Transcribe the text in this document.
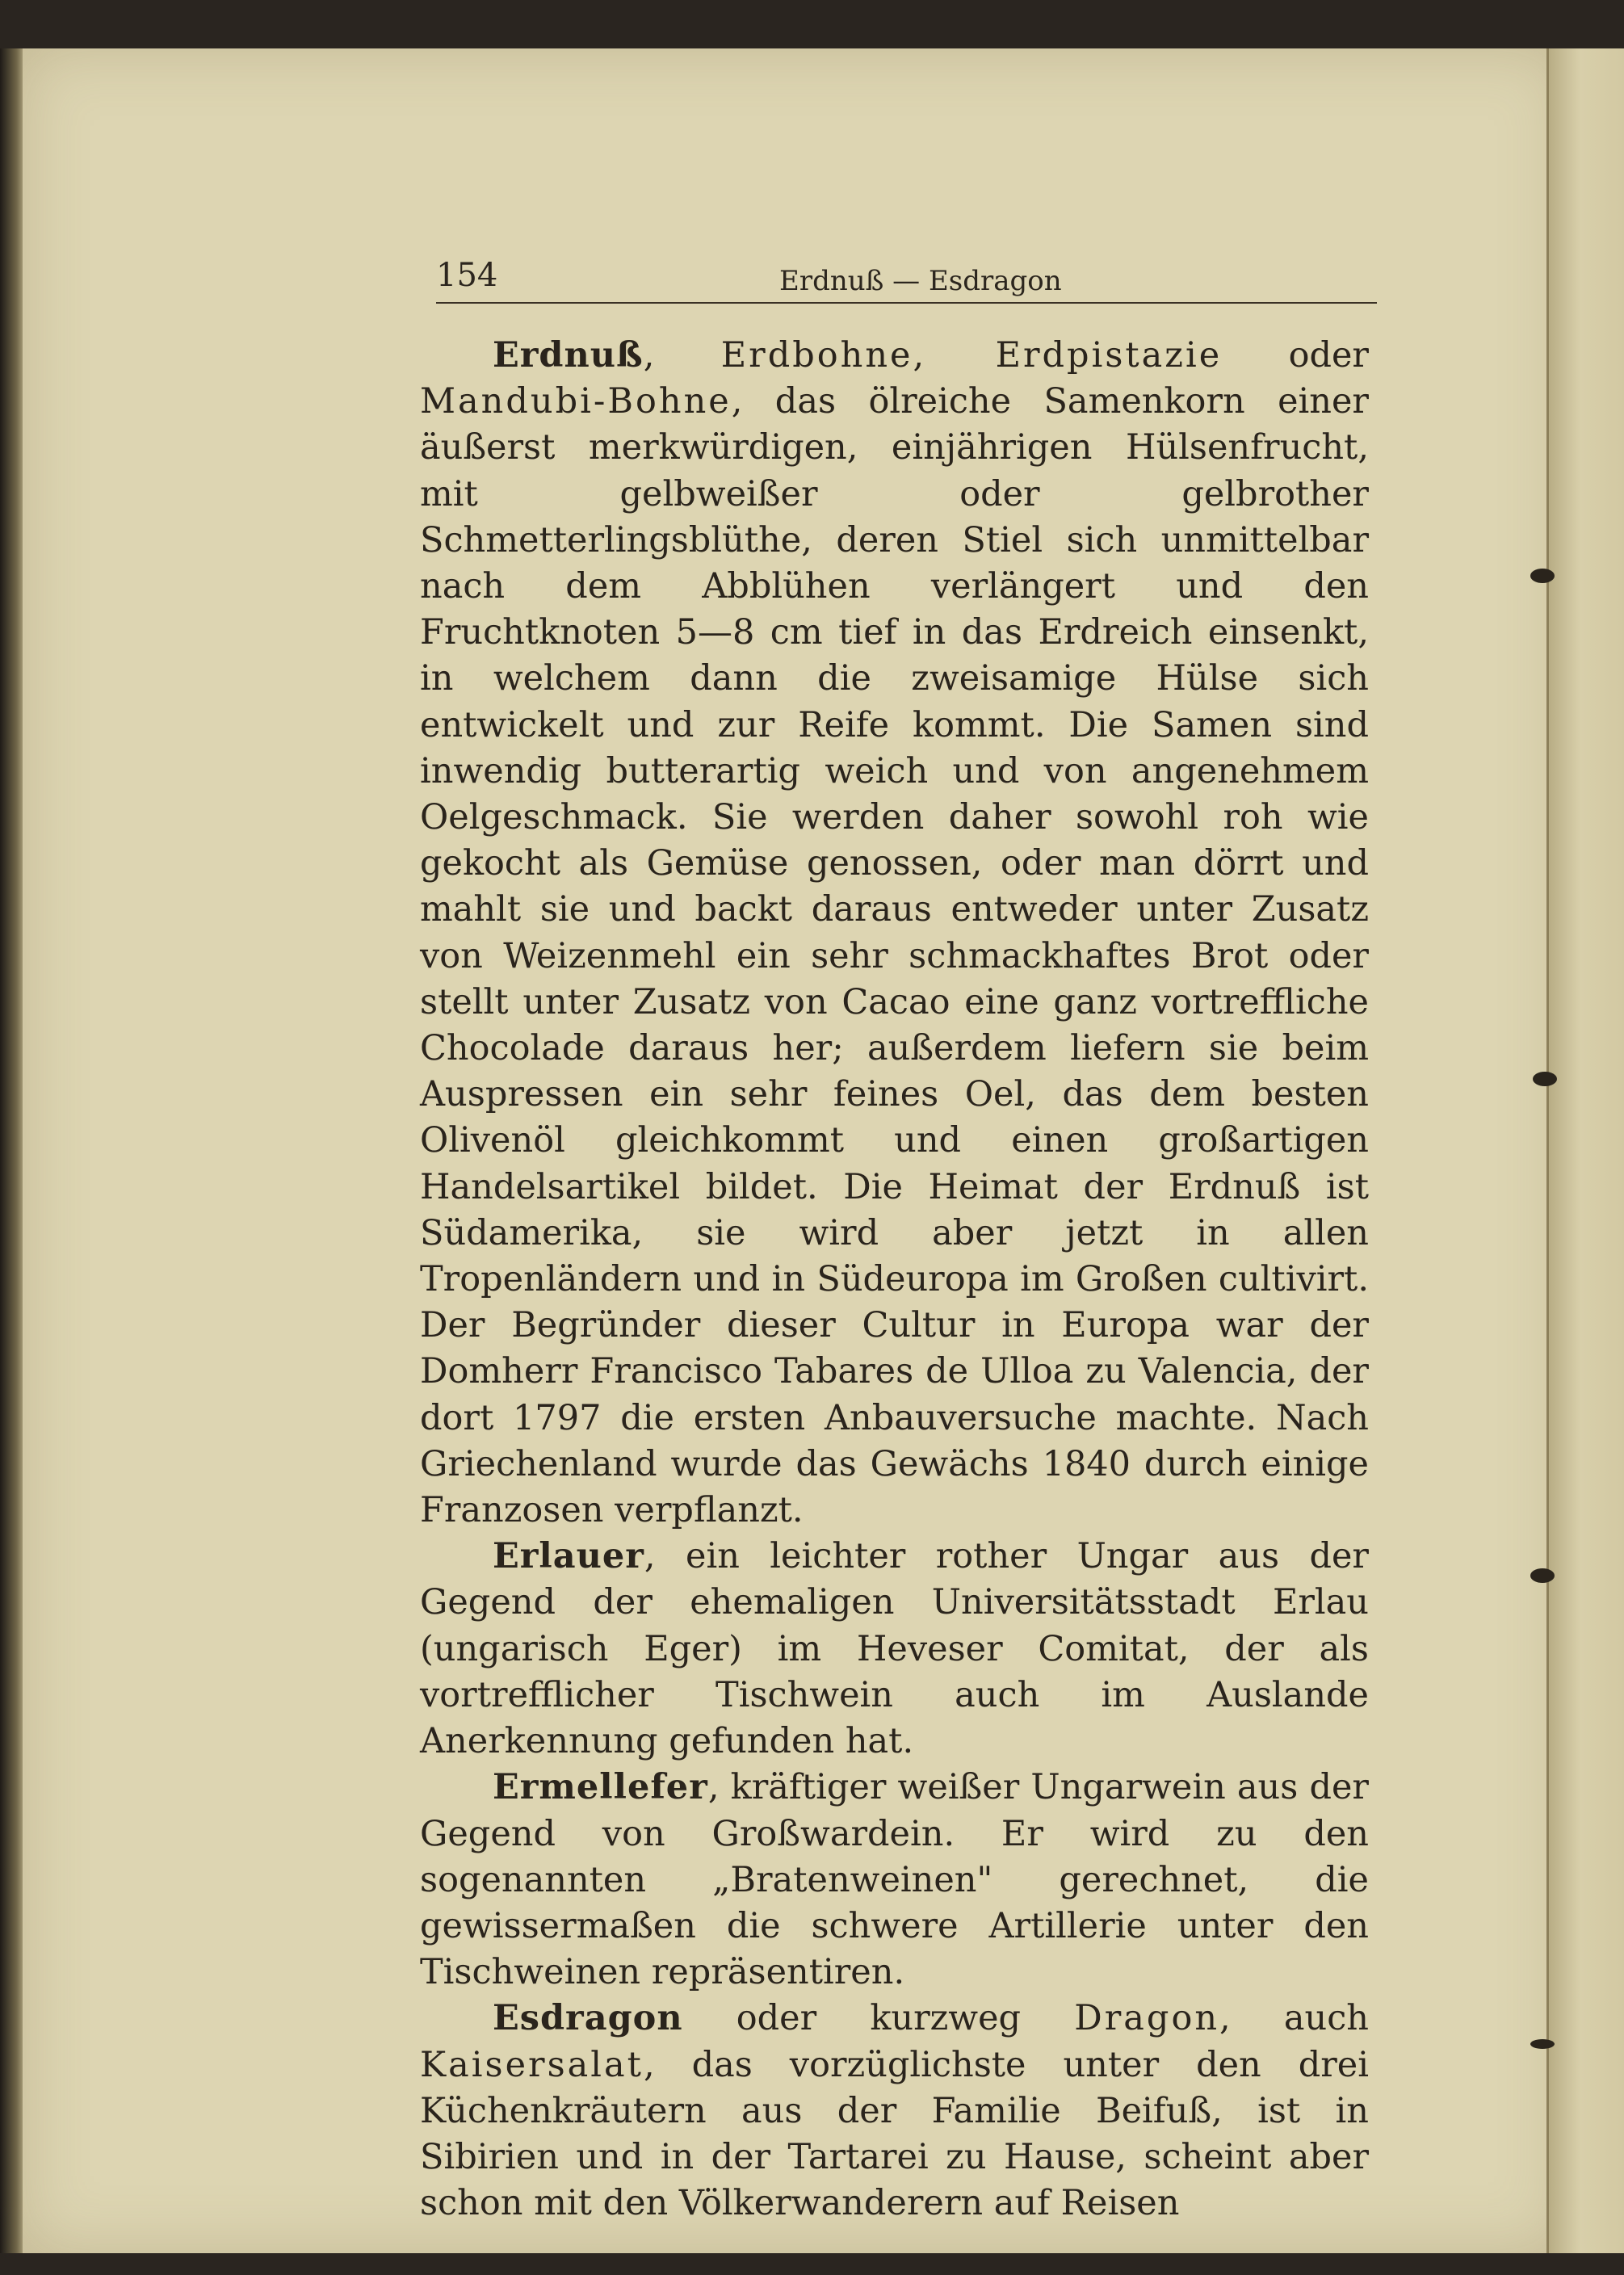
154	Erdnuß — Esdragon

Erdnuß, Erdbohne, Erdpistazie oder Mandubi-Bohne, das ölreiche Samenkorn einer äußerst merkwürdigen, einjährigen Hülsenfrucht, mit gelbweißer oder gelbrother Schmetterlingsblüthe, deren Stiel sich unmittelbar nach dem Abblühen verlängert und den Fruchtknoten 5—8 cm tief in das Erdreich einsenkt, in welchem dann die zweisamige Hülse sich entwickelt und zur Reife kommt. Die Samen sind inwendig butterartig weich und von angenehmem Oelgeschmack. Sie werden daher sowohl roh wie gekocht als Gemüse genossen, oder man dörrt und mahlt sie und backt daraus entweder unter Zusatz von Weizenmehl ein sehr schmackhaftes Brot oder stellt unter Zusatz von Cacao eine ganz vortreffliche Chocolade daraus her; außerdem liefern sie beim Auspressen ein sehr feines Oel, das dem besten Olivenöl gleichkommt und einen großartigen Handelsartikel bildet. Die Heimat der Erdnuß ist Südamerika, sie wird aber jetzt in allen Tropenländern und in Südeuropa im Großen cultivirt. Der Begründer dieser Cultur in Europa war der Domherr Francisco Tabares de Ulloa zu Valencia, der dort 1797 die ersten Anbauversuche machte. Nach Griechenland wurde das Gewächs 1840 durch einige Franzosen verpflanzt.

Erlauer, ein leichter rother Ungar aus der Gegend der ehemaligen Universitätsstadt Erlau (ungarisch Eger) im Heveser Comitat, der als vortrefflicher Tischwein auch im Auslande Anerkennung gefunden hat.

Ermellefer, kräftiger weißer Ungarwein aus der Gegend von Großwardein. Er wird zu den sogenannten „Bratenweinen" gerechnet, die gewissermaßen die schwere Artillerie unter den Tischweinen repräsentiren.

Esdragon oder kurzweg Dragon, auch Kaisersalat, das vorzüglichste unter den drei Küchenkräutern aus der Familie Beifuß, ist in Sibirien und in der Tartarei zu Hause, scheint aber schon mit den Völkerwanderern auf Reisen
